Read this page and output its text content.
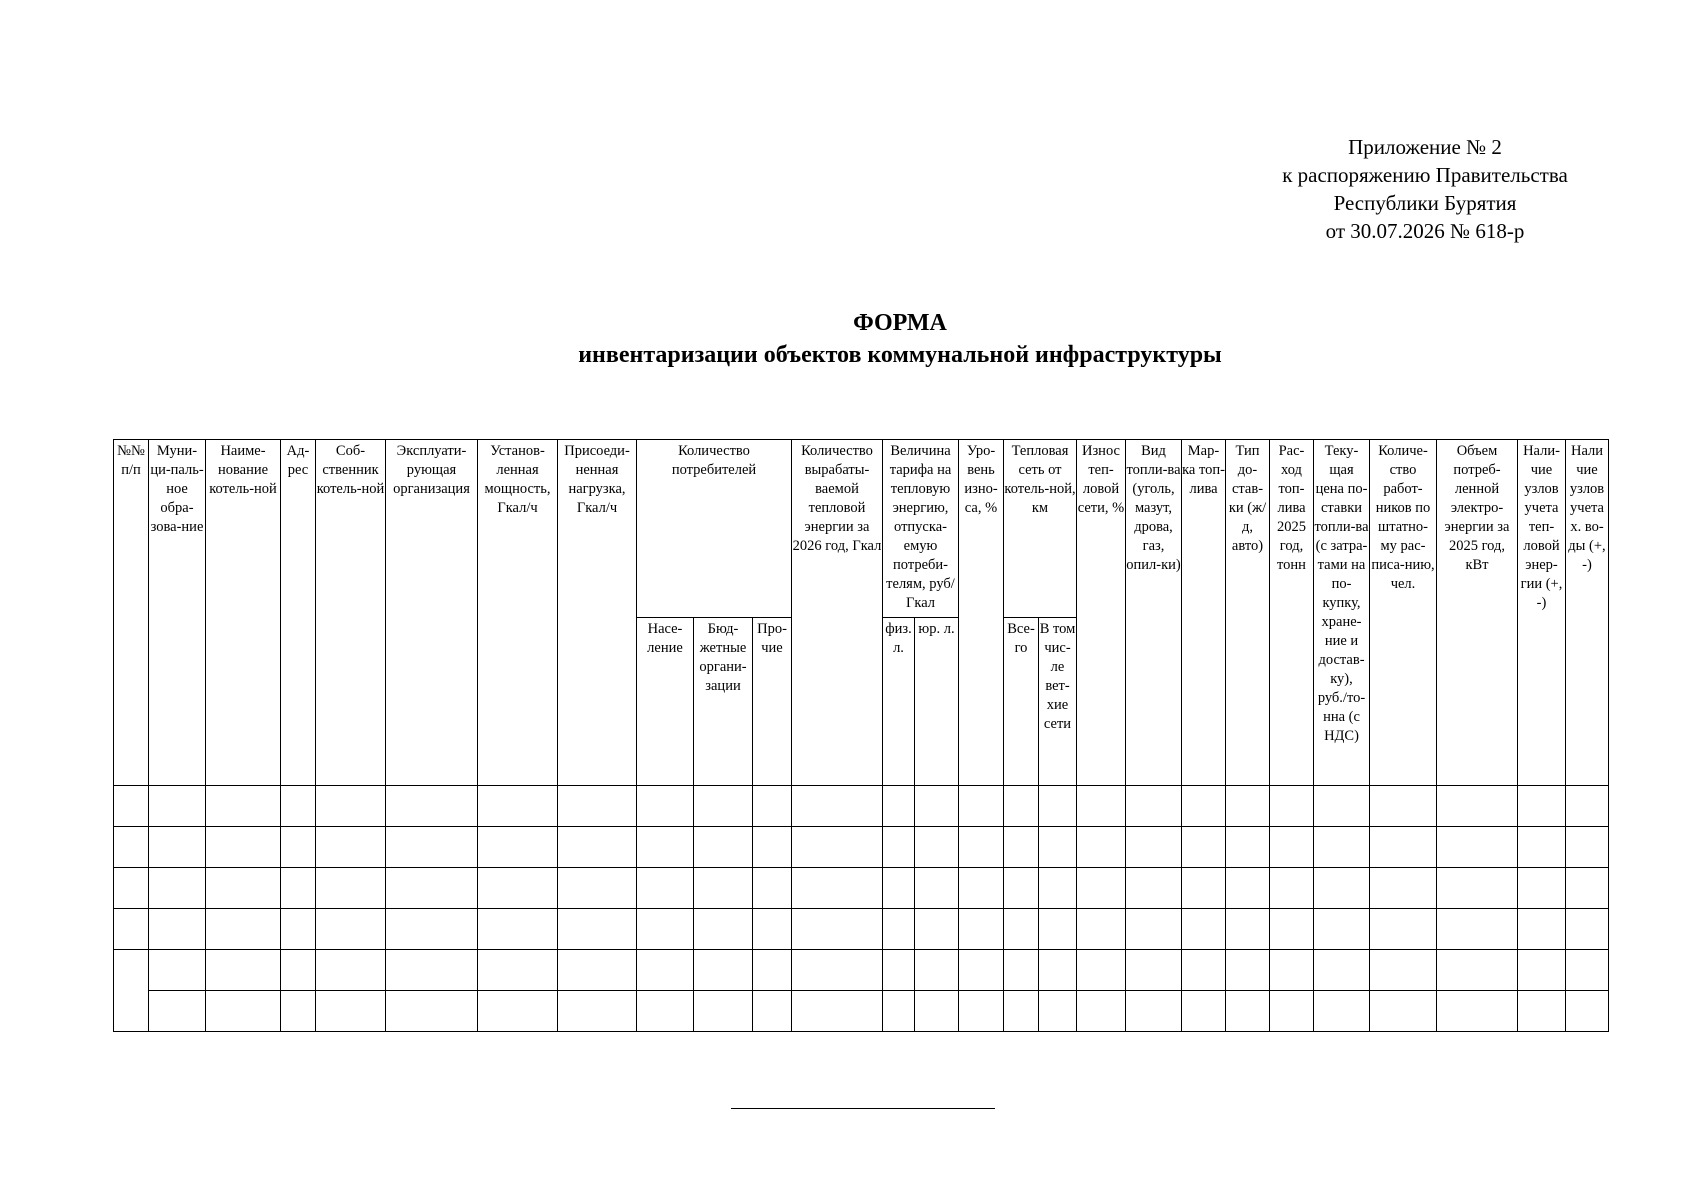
Приложение № 2
к распоряжению Правительства
Республики Бурятия
от 30.07.2026 № 618-р
ФОРМА
инвентаризации объектов коммунальной инфраструктуры
№№ п/п	Муни-ци-паль-ное обра-зова-ние	Наиме-нование котель-ной	Ад-рес	Соб-ственник котель-ной	Эксплуати-рующая организация	Установ-ленная мощность, Гкал/ч	Присоеди-ненная нагрузка, Гкал/ч	Количество потребителей			Количество вырабаты-ваемой тепловой энергии за 2026 год, Гкал	Величина тарифа на тепловую энергию, отпуска-емую потреби-телям, руб/Гкал		Уро-вень изно-са, %	Тепловая сеть от котель-ной, км		Износ теп-ловой сети, %	Вид топли-ва (уголь, мазут, дрова, газ, опил-ки)	Мар-ка топ-лива	Тип до-став-ки (ж/д, авто)	Рас-ход топ-лива 2025 год, тонн	Теку-щая цена по-ставки топли-ва (с затра-тами на по-купку, хране-ние и достав-ку), руб./то-нна (с НДС)	Количе-ство работ-ников по штатно-му рас-писа-нию, чел.	Объем потреб-ленной электро-энергии за 2025 год, кВт	Нали-чие узлов учета теп-ловой энер-гии (+, -)	Нали чие узлов учета х. во-ды (+, -)
								Насе-ление	Бюд-жетные органи-зации	Про-чие		физ. л.	юр. л.		Все-го	В том чис-ле вет-хие сети										
